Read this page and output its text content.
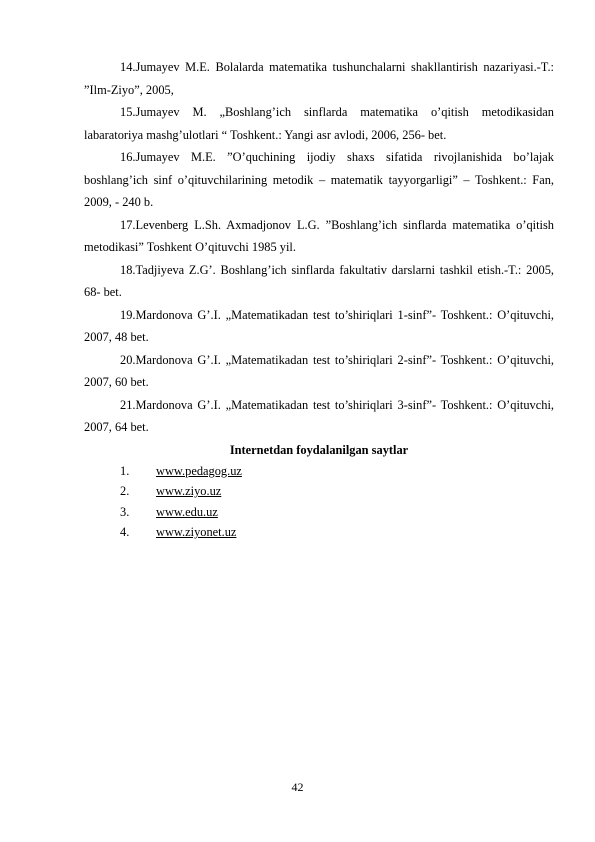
14.Jumayev M.E. Bolalarda matematika tushunchalarni shakllantirish nazariyasi.-T.: ”Ilm-Ziyo”, 2005,

15.Jumayev M. „Boshlang’ich sinflarda matematika o’qitish metodikasidan labaratoriya mashg’ulotlari “ Toshkent.: Yangi asr avlodi, 2006, 256- bet.

16.Jumayev M.E. ”O’quchining ijodiy shaxs sifatida rivojlanishida bo’lajak boshlang’ich sinf o’qituvchilarining metodik – matematik tayyorgarligi” – Toshkent.: Fan, 2009, - 240 b.

17.Levenberg L.Sh. Axmadjonov L.G. ”Boshlang’ich sinflarda matematika o’qitish metodikasi” Toshkent O’qituvchi 1985 yil.

18.Tadjiyeva Z.G’. Boshlang’ich sinflarda fakultativ darslarni tashkil etish.-T.: 2005, 68- bet.

19.Mardonova G’.I. „Matematikadan test to’shiriqlari 1-sinf”- Toshkent.: O’qituvchi, 2007, 48 bet.

20.Mardonova G’.I. „Matematikadan test to’shiriqlari 2-sinf”- Toshkent.: O’qituvchi, 2007, 60 bet.

21.Mardonova G’.I. „Matematikadan test to’shiriqlari 3-sinf”- Toshkent.: O’qituvchi, 2007, 64 bet.

Internetdan foydalanilgan saytlar

1.	www.pedagog.uz
2.	www.ziyo.uz
3.	www.edu.uz
4.	www.ziyonet.uz
42
